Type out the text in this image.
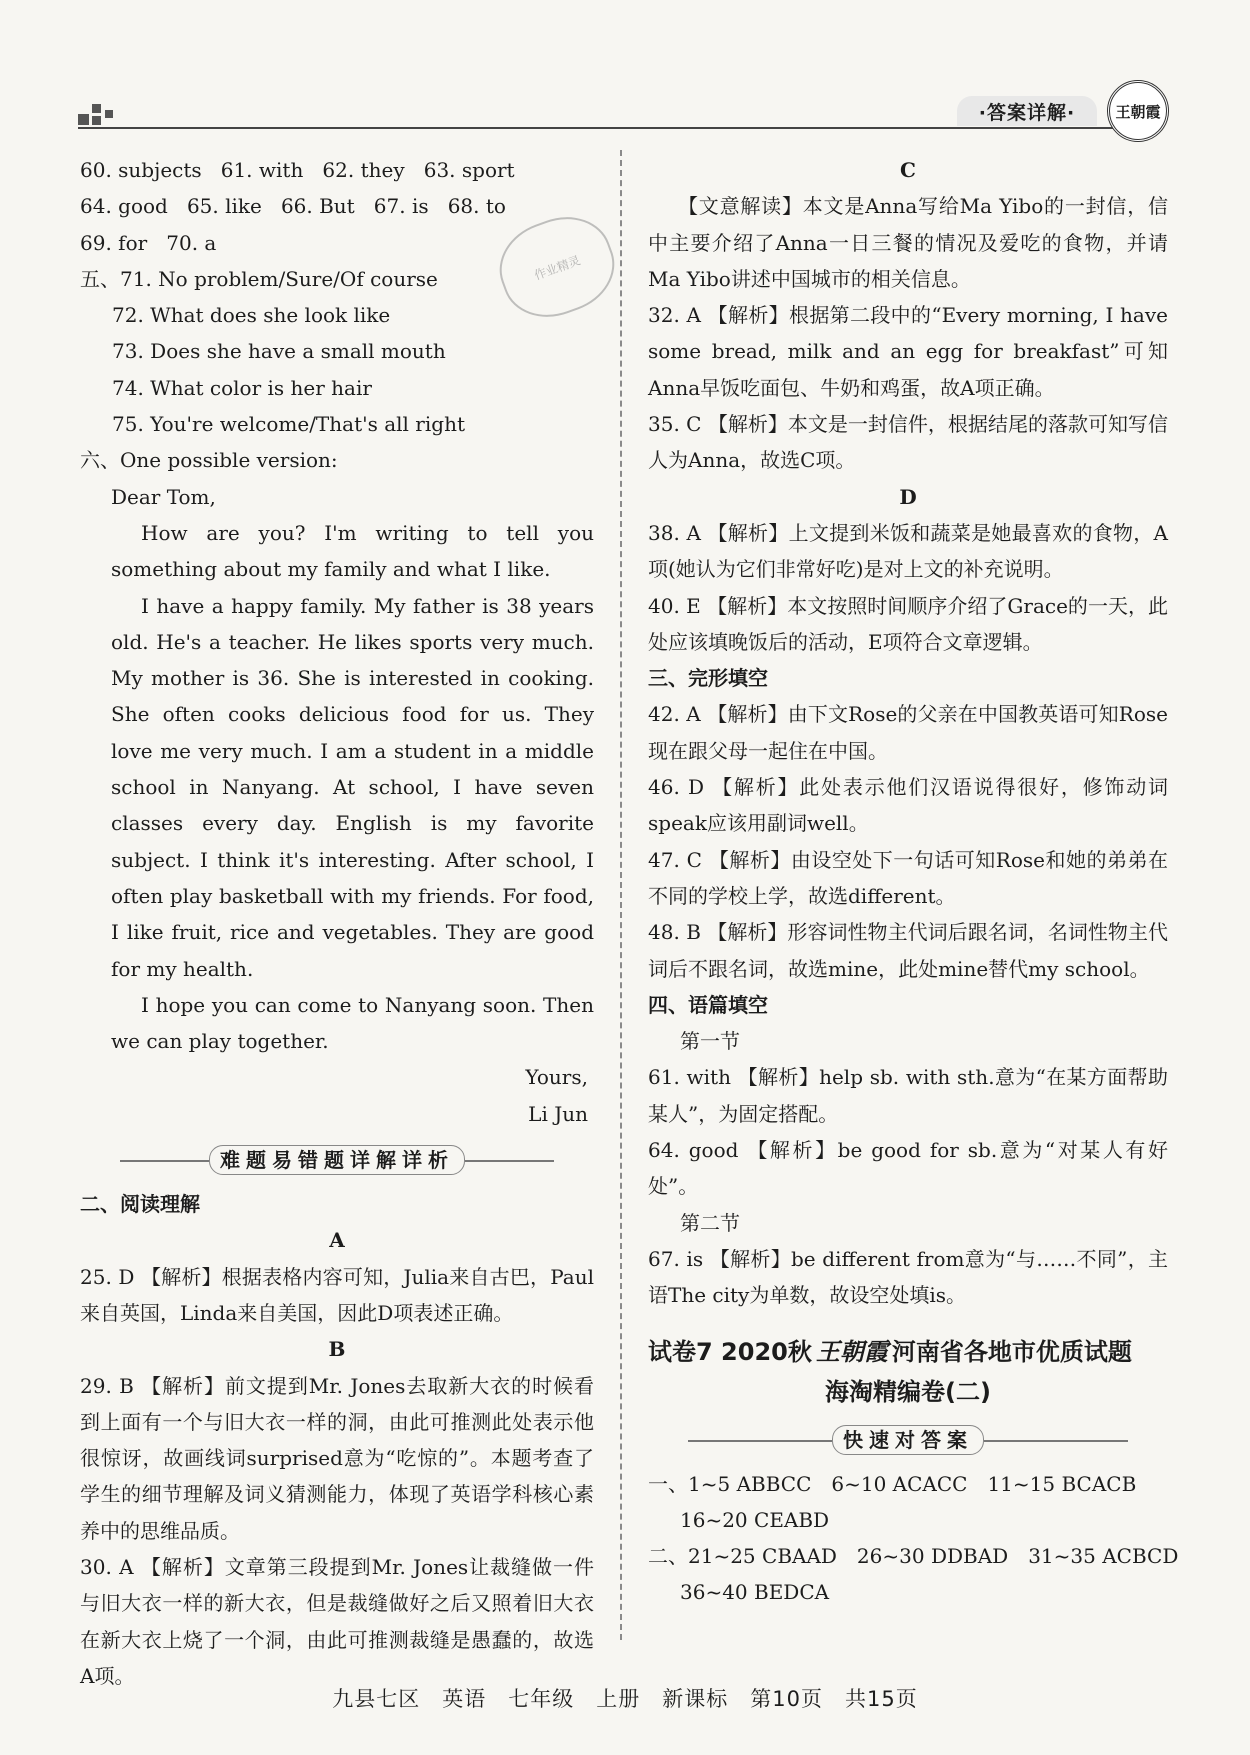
·答案详解·	王朝霞
作业精灵
60. subjects 61. with 62. they 63. sport
64. good 65. like 66. But 67. is 68. to
69. for 70. a
五、71. No problem/Sure/Of course
72. What does she look like
73. Does she have a small mouth
74. What color is her hair
75. You're welcome/That's all right
六、One possible version:
Dear Tom,
How are you? I'm writing to tell you something about my family and what I like.
I have a happy family. My father is 38 years old. He's a teacher. He likes sports very much. My mother is 36. She is interested in cooking. She often cooks delicious food for us. They love me very much. I am a student in a middle school in Nanyang. At school, I have seven classes every day. English is my favorite subject. I think it's interesting. After school, I often play basketball with my friends. For food, I like fruit, rice and vegetables. They are good for my health.
I hope you can come to Nanyang soon. Then we can play together.
Yours,
Li Jun
难题易错题详解详析
二、阅读理解
A
25. D 【解析】根据表格内容可知，Julia来自古巴，Paul来自英国，Linda来自美国，因此D项表述正确。
B
29. B 【解析】前文提到Mr. Jones去取新大衣的时候看到上面有一个与旧大衣一样的洞，由此可推测此处表示他很惊讶，故画线词surprised意为“吃惊的”。本题考查了学生的细节理解及词义猜测能力，体现了英语学科核心素养中的思维品质。
30. A 【解析】文章第三段提到Mr. Jones让裁缝做一件与旧大衣一样的新大衣，但是裁缝做好之后又照着旧大衣在新大衣上烧了一个洞，由此可推测裁缝是愚蠢的，故选A项。
C
【文意解读】本文是Anna写给Ma Yibo的一封信，信中主要介绍了Anna一日三餐的情况及爱吃的食物，并请Ma Yibo讲述中国城市的相关信息。
32. A 【解析】根据第二段中的“Every morning, I have some bread, milk and an egg for breakfast”可知Anna早饭吃面包、牛奶和鸡蛋，故A项正确。
35. C 【解析】本文是一封信件，根据结尾的落款可知写信人为Anna，故选C项。
D
38. A 【解析】上文提到米饭和蔬菜是她最喜欢的食物，A项(她认为它们非常好吃)是对上文的补充说明。
40. E 【解析】本文按照时间顺序介绍了Grace的一天，此处应该填晚饭后的活动，E项符合文章逻辑。
三、完形填空
42. A 【解析】由下文Rose的父亲在中国教英语可知Rose现在跟父母一起住在中国。
46. D 【解析】此处表示他们汉语说得很好，修饰动词speak应该用副词well。
47. C 【解析】由设空处下一句话可知Rose和她的弟弟在不同的学校上学，故选different。
48. B 【解析】形容词性物主代词后跟名词，名词性物主代词后不跟名词，故选mine，此处mine替代my school。
四、语篇填空
第一节
61. with 【解析】help sb. with sth.意为“在某方面帮助某人”，为固定搭配。
64. good 【解析】be good for sb.意为“对某人有好处”。
第二节
67. is 【解析】be different from意为“与……不同”，主语The city为单数，故设空处填is。
试卷7 2020秋 王朝霞 河南省各地市优质试题
海淘精编卷(二)
快速对答案
一、1~5 ABBCC　6~10 ACACC　11~15 BCACB
16~20 CEABD
二、21~25 CBAAD　26~30 DDBAD　31~35 ACBCD
36~40 BEDCA
九县七区　英语　七年级　上册　新课标　第10页　共15页
